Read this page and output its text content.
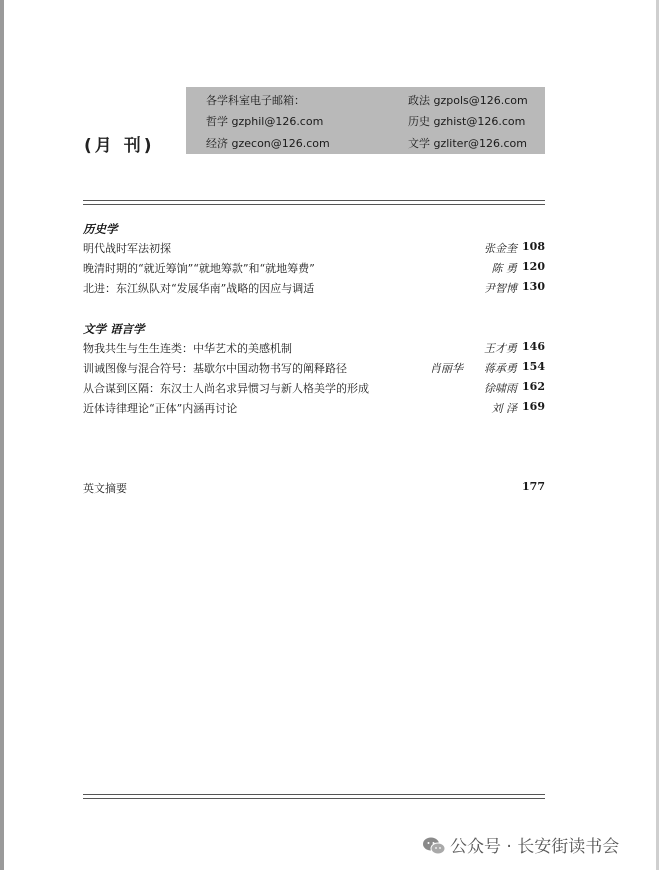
(月 刊)
各学科室电子邮箱：	政法 gzpols@126.com
哲学 gzphil@126.com	历史 gzhist@126.com
经济 gzecon@126.com	文学 gzliter@126.com
历史学
明代战时军法初探	张金奎 108
晚清时期的“就近筹饷”“就地筹款”和“就地筹费”	陈 勇 120
北进：东江纵队对“发展华南”战略的因应与调适	尹智博 130
文学 语言学
物我共生与生生连类：中华艺术的美感机制	王才勇 146
训诫图像与混合符号：基歇尔中国动物书写的阐释路径	肖丽华 蒋承勇 154
从合谋到区隔：东汉士人尚名求异惯习与新人格美学的形成	徐啸雨 162
近体诗律理论“正体”内涵再讨论	刘 泽 169
英文摘要	177
公众号 · 长安街读书会
